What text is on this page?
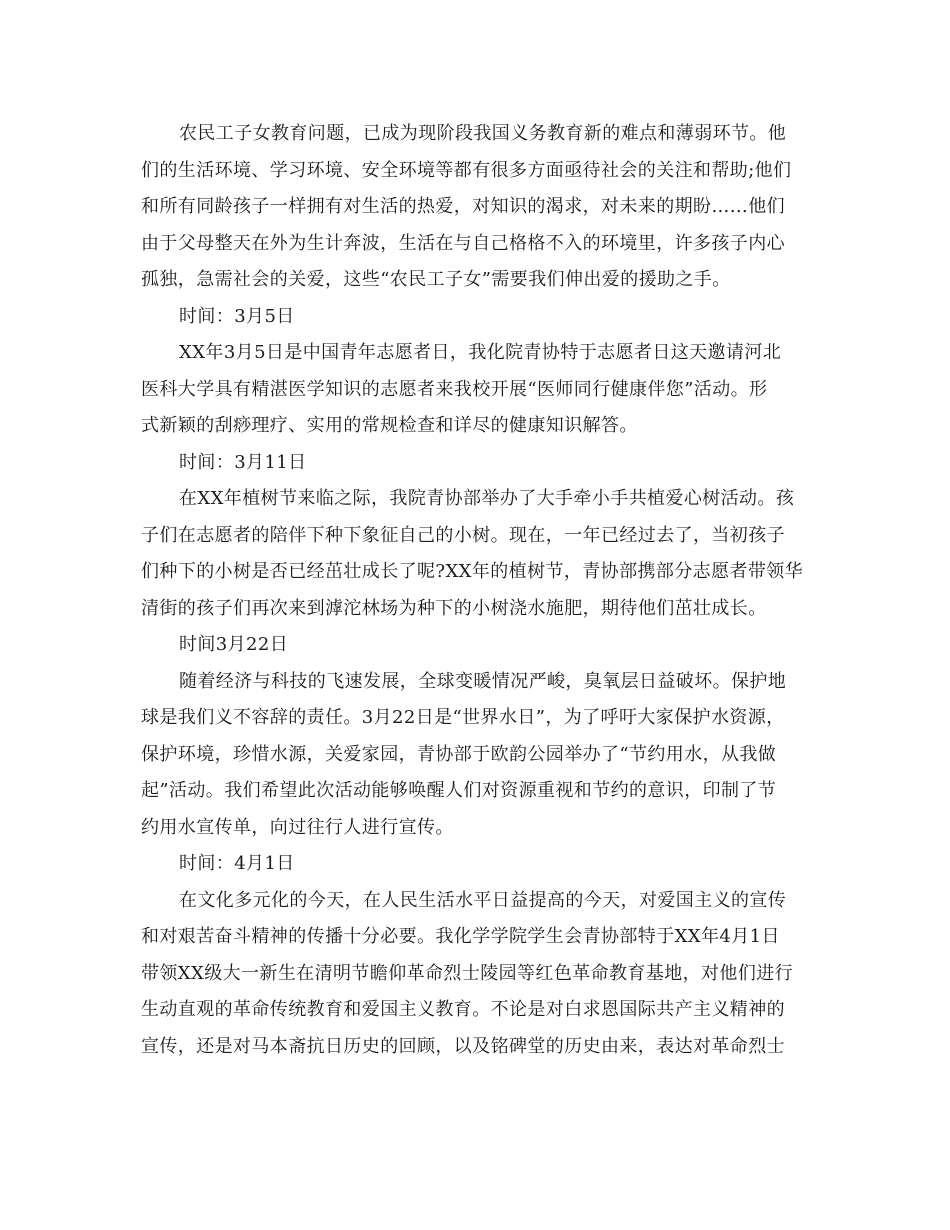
农民工子女教育问题，已成为现阶段我国义务教育新的难点和薄弱环节。他
们的生活环境、学习环境、安全环境等都有很多方面亟待社会的关注和帮助;他们
和所有同龄孩子一样拥有对生活的热爱，对知识的渴求，对未来的期盼……他们
由于父母整天在外为生计奔波，生活在与自己格格不入的环境里，许多孩子内心
孤独，急需社会的关爱，这些“农民工子女”需要我们伸出爱的援助之手。
时间：3月5日
XX年3月5日是中国青年志愿者日，我化院青协特于志愿者日这天邀请河北
医科大学具有精湛医学知识的志愿者来我校开展“医师同行健康伴您”活动。形
式新颖的刮痧理疗、实用的常规检查和详尽的健康知识解答。
时间：3月11日
在XX年植树节来临之际，我院青协部举办了大手牵小手共植爱心树活动。孩
子们在志愿者的陪伴下种下象征自己的小树。现在，一年已经过去了，当初孩子
们种下的小树是否已经茁壮成长了呢?XX年的植树节，青协部携部分志愿者带领华
清街的孩子们再次来到滹沱林场为种下的小树浇水施肥，期待他们茁壮成长。
时间3月22日
随着经济与科技的飞速发展，全球变暖情况严峻，臭氧层日益破坏。保护地
球是我们义不容辞的责任。3月22日是“世界水日”，为了呼吁大家保护水资源，
保护环境，珍惜水源，关爱家园，青协部于欧韵公园举办了“节约用水，从我做
起”活动。我们希望此次活动能够唤醒人们对资源重视和节约的意识，印制了节
约用水宣传单，向过往行人进行宣传。
时间：4月1日
在文化多元化的今天，在人民生活水平日益提高的今天，对爱国主义的宣传
和对艰苦奋斗精神的传播十分必要。我化学学院学生会青协部特于XX年4月1日
带领XX级大一新生在清明节瞻仰革命烈士陵园等红色革命教育基地，对他们进行
生动直观的革命传统教育和爱国主义教育。不论是对白求恩国际共产主义精神的
宣传，还是对马本斋抗日历史的回顾，以及铭碑堂的历史由来，表达对革命烈士
